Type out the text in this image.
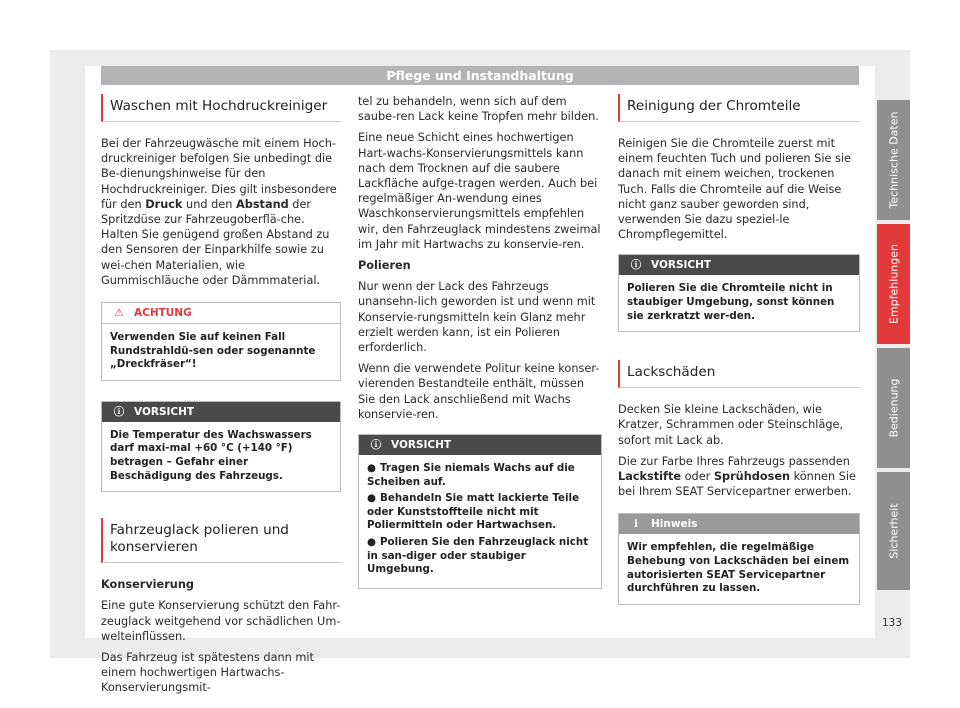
Pflege und Instandhaltung
Waschen mit Hochdruckreiniger

Bei der Fahrzeugwäsche mit einem Hoch-druckreiniger befolgen Sie unbedingt die Be-dienungshinweise für den Hochdruckreiniger. Dies gilt insbesondere für den Druck und den Abstand der Spritzdüse zur Fahrzeugoberflä-che. Halten Sie genügend großen Abstand zu den Sensoren der Einparkhilfe sowie zu wei-chen Materialien, wie Gummischläuche oder Dämmmaterial.

⚠ ACHTUNG
Verwenden Sie auf keinen Fall Rundstrahldü-sen oder sogenannte „Dreckfräser“!
ⓘ VORSICHT
Die Temperatur des Wachswassers darf maxi-mal +60 °C (+140 °F) betragen – Gefahr einer Beschädigung des Fahrzeugs.
Fahrzeuglack polieren und konservieren

Konservierung

Eine gute Konservierung schützt den Fahr-zeuglack weitgehend vor schädlichen Um-welteinflüssen.

Das Fahrzeug ist spätestens dann mit einem hochwertigen Hartwachs-Konservierungsmit-

tel zu behandeln, wenn sich auf dem saube-ren Lack keine Tropfen mehr bilden.

Eine neue Schicht eines hochwertigen Hart-wachs-Konservierungsmittels kann nach dem Trocknen auf die saubere Lackfläche aufge-tragen werden. Auch bei regelmäßiger An-wendung eines Waschkonservierungsmittels empfehlen wir, den Fahrzeuglack mindestens zweimal im Jahr mit Hartwachs zu konservie-ren.

Polieren

Nur wenn der Lack des Fahrzeugs unansehn-lich geworden ist und wenn mit Konservie-rungsmitteln kein Glanz mehr erzielt werden kann, ist ein Polieren erforderlich.

Wenn die verwendete Politur keine konser-vierenden Bestandteile enthält, müssen Sie den Lack anschließend mit Wachs konservie-ren.

ⓘ VORSICHT
● Tragen Sie niemals Wachs auf die Scheiben auf.
● Behandeln Sie matt lackierte Teile oder Kunststoffteile nicht mit Poliermitteln oder Hartwachsen.
● Polieren Sie den Fahrzeuglack nicht in san-diger oder staubiger Umgebung.
Reinigung der Chromteile

Reinigen Sie die Chromteile zuerst mit einem feuchten Tuch und polieren Sie sie danach mit einem weichen, trockenen Tuch. Falls die Chromteile auf die Weise nicht ganz sauber geworden sind, verwenden Sie dazu speziel-le Chrompflegemittel.

ⓘ VORSICHT
Polieren Sie die Chromteile nicht in staubiger Umgebung, sonst können sie zerkratzt wer-den.
Lackschäden

Decken Sie kleine Lackschäden, wie Kratzer, Schrammen oder Steinschläge, sofort mit Lack ab.

Die zur Farbe Ihres Fahrzeugs passenden Lackstifte oder Sprühdosen können Sie bei Ihrem SEAT Servicepartner erwerben.

ℹ Hinweis
Wir empfehlen, die regelmäßige Behebung von Lackschäden bei einem autorisierten SEAT Servicepartner durchführen zu lassen.
Technische Daten
Empfehlungen
Bedienung
Sicherheit
133
